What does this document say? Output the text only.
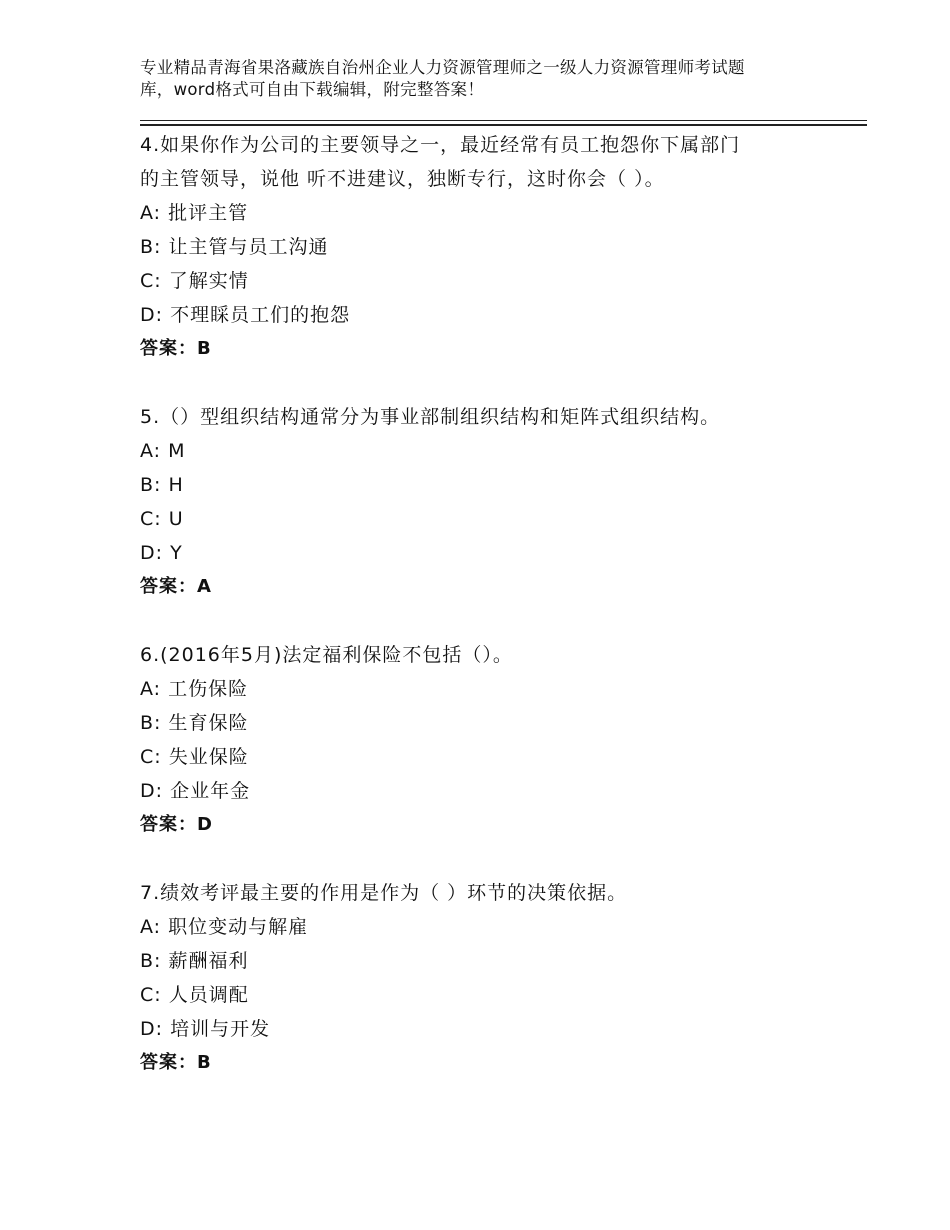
专业精品青海省果洛藏族自治州企业人力资源管理师之一级人力资源管理师考试题
库，word格式可自由下载编辑，附完整答案！

4.如果你作为公司的主要领导之一，最近经常有员工抱怨你下属部门

的主管领导，说他 听不进建议，独断专行，这时你会（ ）。

A: 批评主管

B: 让主管与员工沟通

C: 了解实情

D: 不理睬员工们的抱怨

答案：B

5.（）型组织结构通常分为事业部制组织结构和矩阵式组织结构。

A: M

B: H

C: U

D: Y

答案：A

6.(2016年5月)法定福利保险不包括（）。

A: 工伤保险

B: 生育保险

C: 失业保险

D: 企业年金

答案：D

7.绩效考评最主要的作用是作为（ ）环节的决策依据。

A: 职位变动与解雇

B: 薪酬福利

C: 人员调配

D: 培训与开发

答案：B
